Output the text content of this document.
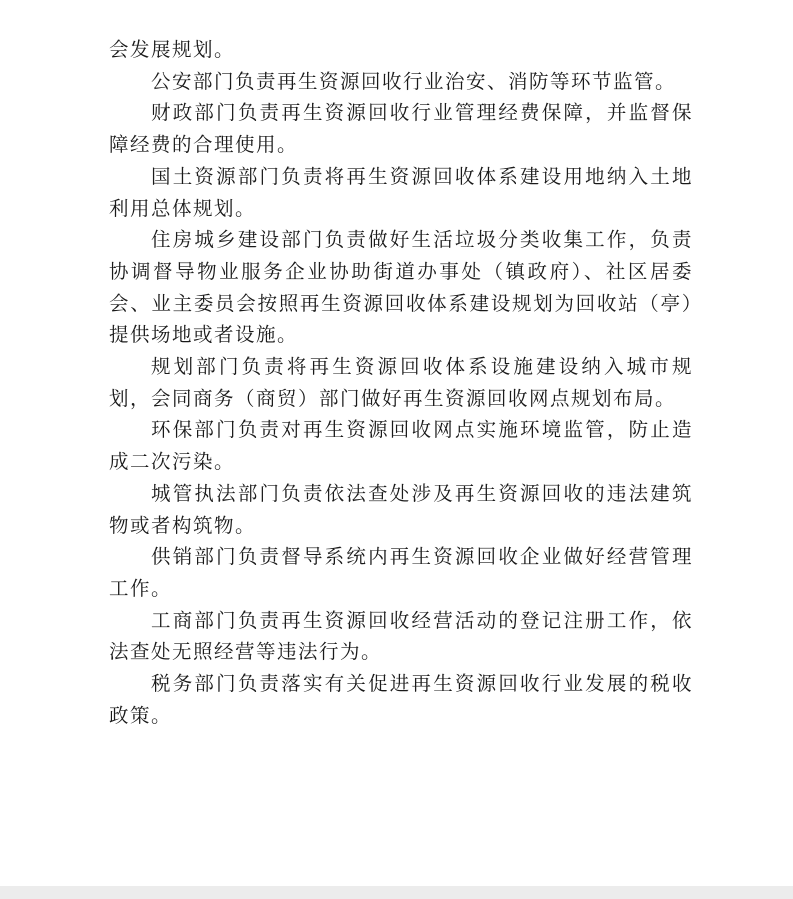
会发展规划。

公安部门负责再生资源回收行业治安、消防等环节监管。

财政部门负责再生资源回收行业管理经费保障，并监督保障经费的合理使用。

国土资源部门负责将再生资源回收体系建设用地纳入土地利用总体规划。

住房城乡建设部门负责做好生活垃圾分类收集工作，负责协调督导物业服务企业协助街道办事处（镇政府）、社区居委会、业主委员会按照再生资源回收体系建设规划为回收站（亭）提供场地或者设施。

规划部门负责将再生资源回收体系设施建设纳入城市规划，会同商务（商贸）部门做好再生资源回收网点规划布局。

环保部门负责对再生资源回收网点实施环境监管，防止造成二次污染。

城管执法部门负责依法查处涉及再生资源回收的违法建筑物或者构筑物。

供销部门负责督导系统内再生资源回收企业做好经营管理工作。

工商部门负责再生资源回收经营活动的登记注册工作，依法查处无照经营等违法行为。

税务部门负责落实有关促进再生资源回收行业发展的税收政策。
